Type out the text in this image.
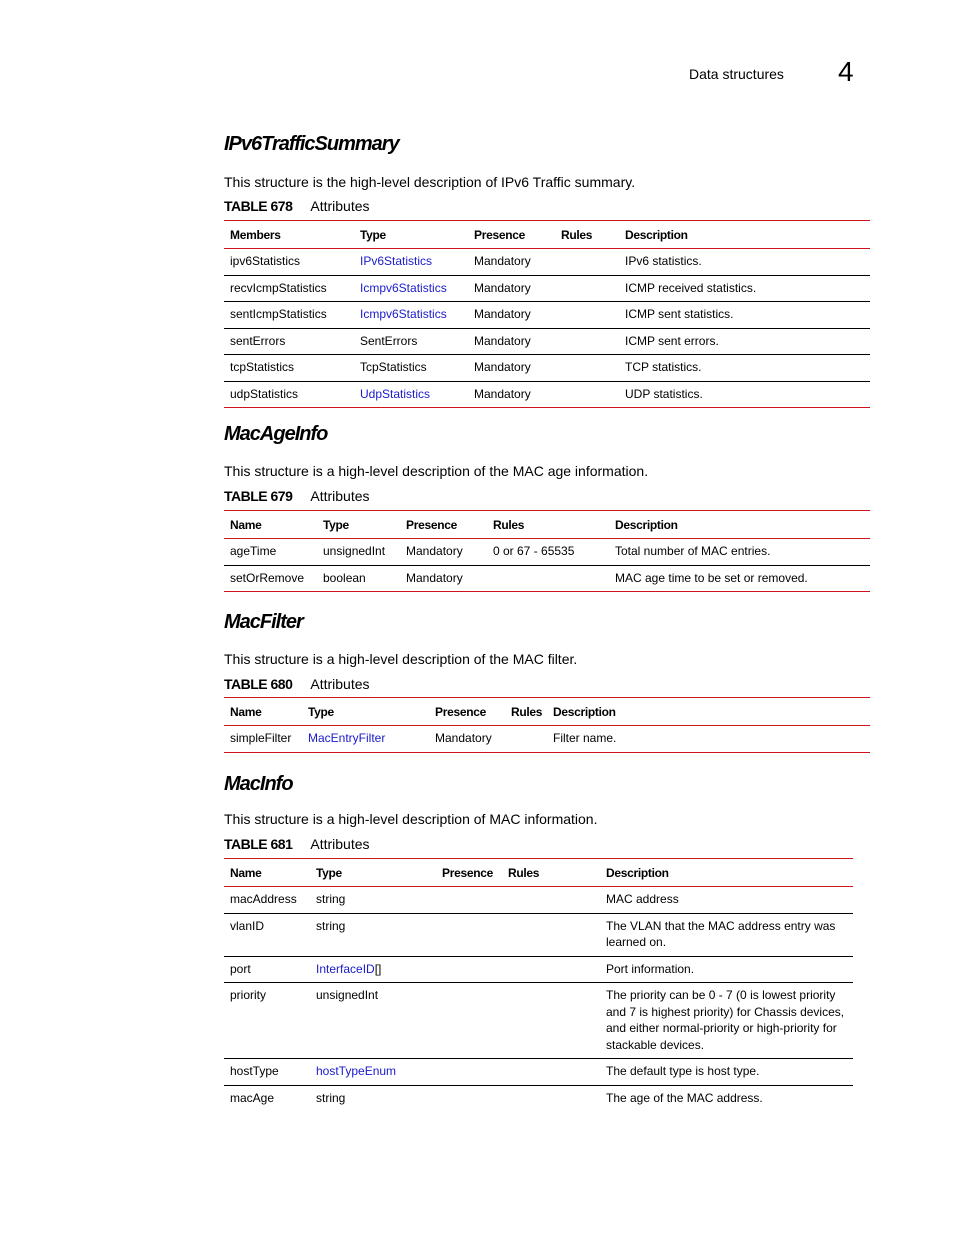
Data structures 4
IPv6TrafficSummary
This structure is the high-level description of IPv6 Traffic summary.
TABLE 678 Attributes
Members	Type	Presence	Rules	Description
ipv6Statistics	IPv6Statistics	Mandatory		IPv6 statistics.
recvIcmpStatistics	Icmpv6Statistics	Mandatory		ICMP received statistics.
sentIcmpStatistics	Icmpv6Statistics	Mandatory		ICMP sent statistics.
sentErrors	SentErrors	Mandatory		ICMP sent errors.
tcpStatistics	TcpStatistics	Mandatory		TCP statistics.
udpStatistics	UdpStatistics	Mandatory		UDP statistics.
MacAgeInfo
This structure is a high-level description of the MAC age information.
TABLE 679 Attributes
Name	Type	Presence	Rules	Description
ageTime	unsignedInt	Mandatory	0 or 67 - 65535	Total number of MAC entries.
setOrRemove	boolean	Mandatory		MAC age time to be set or removed.
MacFilter
This structure is a high-level description of the MAC filter.
TABLE 680 Attributes
Name	Type	Presence	Rules	Description
simpleFilter	MacEntryFilter	Mandatory		Filter name.
MacInfo
This structure is a high-level description of MAC information.
TABLE 681 Attributes
Name	Type	Presence	Rules	Description
macAddress	string			MAC address
vlanID	string			The VLAN that the MAC address entry was learned on.
port	InterfaceID[]			Port information.
priority	unsignedInt			The priority can be 0 - 7 (0 is lowest priority and 7 is highest priority) for Chassis devices, and either normal-priority or high-priority for stackable devices.
hostType	hostTypeEnum			The default type is host type.
macAge	string			The age of the MAC address.
